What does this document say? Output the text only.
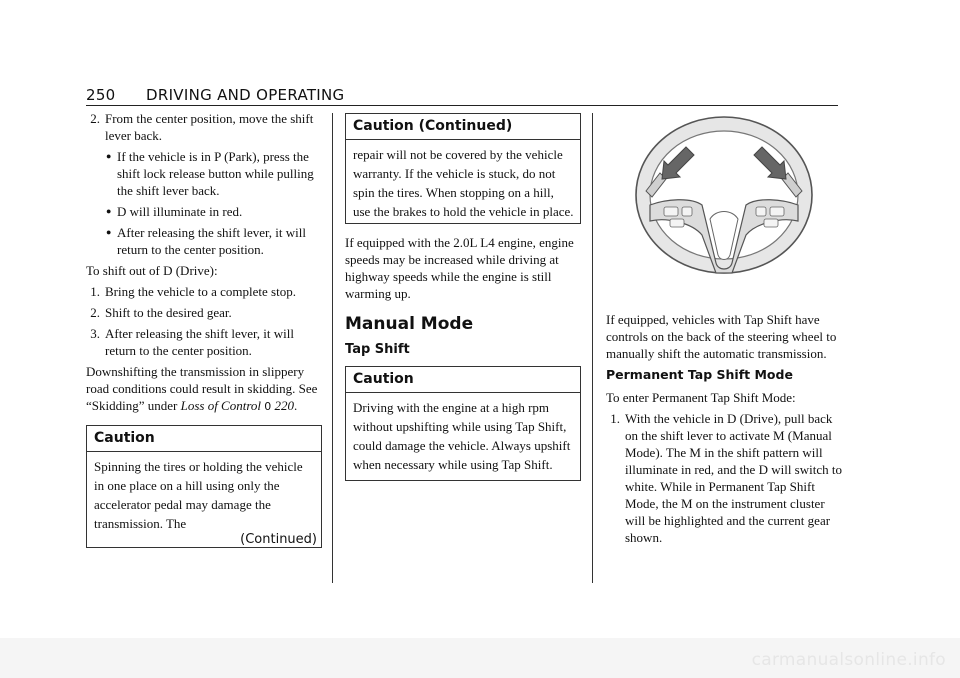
250 DRIVING AND OPERATING
2. From the center position, move the shift lever back.
● If the vehicle is in P (Park), press the shift lock release button while pulling the shift lever back.
● D will illuminate in red.
● After releasing the shift lever, it will return to the center position.

To shift out of D (Drive):

1. Bring the vehicle to a complete stop.
2. Shift to the desired gear.
3. After releasing the shift lever, it will return to the center position.

Downshifting the transmission in slippery road conditions could result in skidding. See “Skidding” under Loss of Control 0 220.

Caution
Spinning the tires or holding the vehicle in one place on a hill using only the accelerator pedal may damage the transmission. The
(Continued)
Caution (Continued)
repair will not be covered by the vehicle warranty. If the vehicle is stuck, do not spin the tires. When stopping on a hill, use the brakes to hold the vehicle in place.

If equipped with the 2.0L L4 engine, engine speeds may be increased while driving at highway speeds while the engine is still warming up.

Manual Mode
Tap Shift
Caution
Driving with the engine at a high rpm without upshifting while using Tap Shift, could damage the vehicle. Always upshift when necessary while using Tap Shift.

If equipped, vehicles with Tap Shift have controls on the back of the steering wheel to manually shift the automatic transmission.

Permanent Tap Shift Mode

To enter Permanent Tap Shift Mode:

1. With the vehicle in D (Drive), pull back on the shift lever to activate M (Manual Mode). The M in the shift pattern will illuminate in red, and the D will switch to white. While in Permanent Tap Shift Mode, the M on the instrument cluster will be highlighted and the current gear shown.
carmanualsonline.info
